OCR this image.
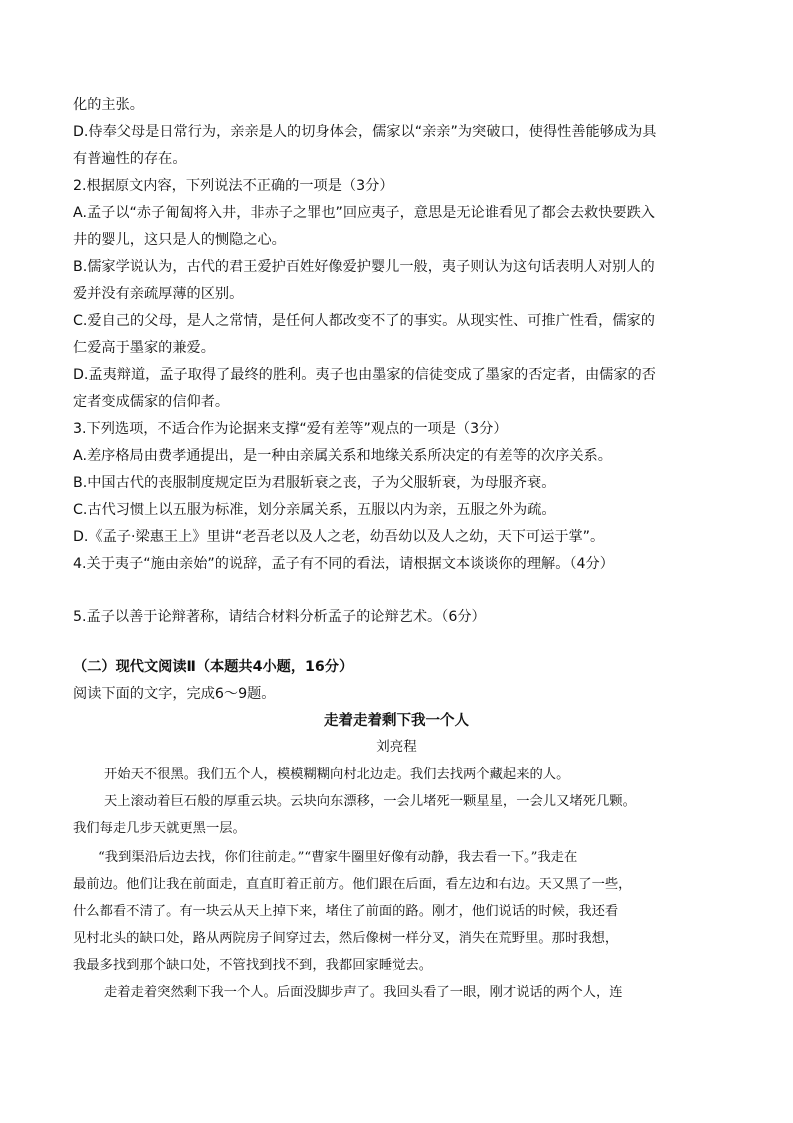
化的主张。
D.侍奉父母是日常行为，亲亲是人的切身体会，儒家以“亲亲”为突破口，使得性善能够成为具
有普遍性的存在。
2.根据原文内容，下列说法不正确的一项是（3分）
A.孟子以“赤子匍匐将入井，非赤子之罪也”回应夷子，意思是无论谁看见了都会去救快要跌入
井的婴儿，这只是人的恻隐之心。
B.儒家学说认为，古代的君王爱护百姓好像爱护婴儿一般，夷子则认为这句话表明人对别人的
爱并没有亲疏厚薄的区别。
C.爱自己的父母，是人之常情，是任何人都改变不了的事实。从现实性、可推广性看，儒家的
仁爱高于墨家的兼爱。
D.孟夷辩道，孟子取得了最终的胜利。夷子也由墨家的信徒变成了墨家的否定者，由儒家的否
定者变成儒家的信仰者。
3.下列选项，不适合作为论据来支撑“爱有差等”观点的一项是（3分）
A.差序格局由费孝通提出，是一种由亲属关系和地缘关系所决定的有差等的次序关系。
B.中国古代的丧服制度规定臣为君服斩衰之丧，子为父服斩衰，为母服齐衰。
C.古代习惯上以五服为标准，划分亲属关系，五服以内为亲，五服之外为疏。
D.《孟子·梁惠王上》里讲“老吾老以及人之老，幼吾幼以及人之幼，天下可运于掌”。
4.关于夷子“施由亲始”的说辞，孟子有不同的看法，请根据文本谈谈你的理解。（4分）
5.孟子以善于论辩著称，请结合材料分析孟子的论辩艺术。（6分）
（二）现代文阅读Ⅱ（本题共4小题，16分）
阅读下面的文字，完成6～9题。
走着走着剩下我一个人
刘亮程
开始天不很黑。我们五个人，模模糊糊向村北边走。我们去找两个藏起来的人。
天上滚动着巨石般的厚重云块。云块向东漂移，一会儿堵死一颗星星，一会儿又堵死几颗。
我们每走几步天就更黑一层。
“我到渠沿后边去找，你们往前走。”“曹家牛圈里好像有动静，我去看一下。”我走在
最前边。他们让我在前面走，直直盯着正前方。他们跟在后面，看左边和右边。天又黑了一些，
什么都看不清了。有一块云从天上掉下来，堵住了前面的路。刚才，他们说话的时候，我还看
见村北头的缺口处，路从两院房子间穿过去，然后像树一样分叉，消失在荒野里。那时我想，
我最多找到那个缺口处，不管找到找不到，我都回家睡觉去。
走着走着突然剩下我一个人。后面没脚步声了。我回头看了一眼，刚才说话的两个人，连
